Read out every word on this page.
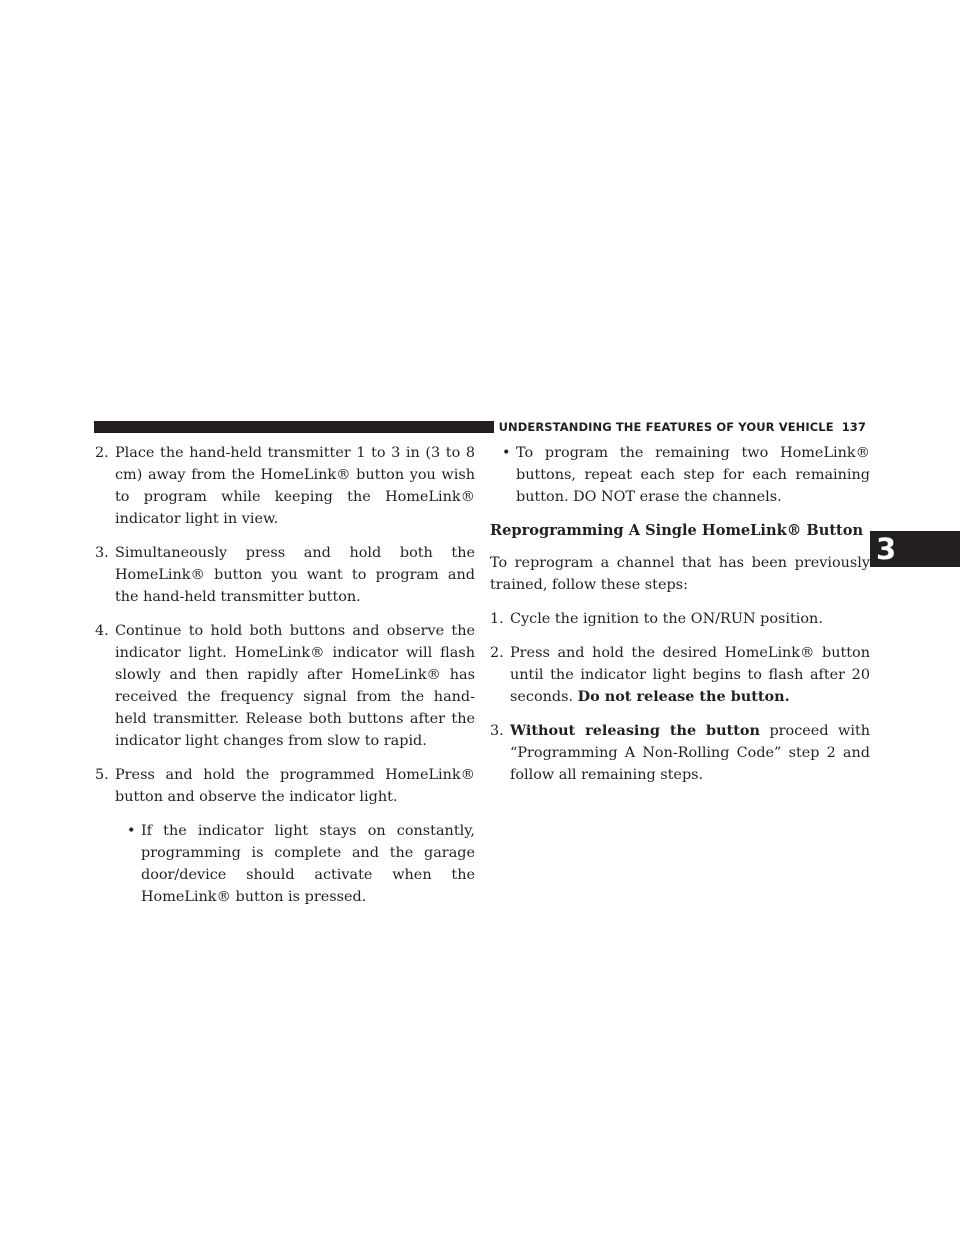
UNDERSTANDING THE FEATURES OF YOUR VEHICLE 137
3
2. Place the hand-held transmitter 1 to 3 in (3 to 8 cm) away from the HomeLink® button you wish to program while keeping the HomeLink® indicator light in view.
3. Simultaneously press and hold both the HomeLink® button you want to program and the hand-held transmitter button.
4. Continue to hold both buttons and observe the indicator light. HomeLink® indicator will flash slowly and then rapidly after HomeLink® has received the frequency signal from the hand-held transmitter. Release both buttons after the indicator light changes from slow to rapid.
5. Press and hold the programmed HomeLink® button and observe the indicator light.
• If the indicator light stays on constantly, programming is complete and the garage door/device should activate when the HomeLink® button is pressed.
• To program the remaining two HomeLink® buttons, repeat each step for each remaining button. DO NOT erase the channels.
Reprogramming A Single HomeLink® Button
To reprogram a channel that has been previously trained, follow these steps:
1. Cycle the ignition to the ON/RUN position.
2. Press and hold the desired HomeLink® button until the indicator light begins to flash after 20 seconds. Do not release the button.
3. Without releasing the button proceed with “Programming A Non-Rolling Code” step 2 and follow all remaining steps.
